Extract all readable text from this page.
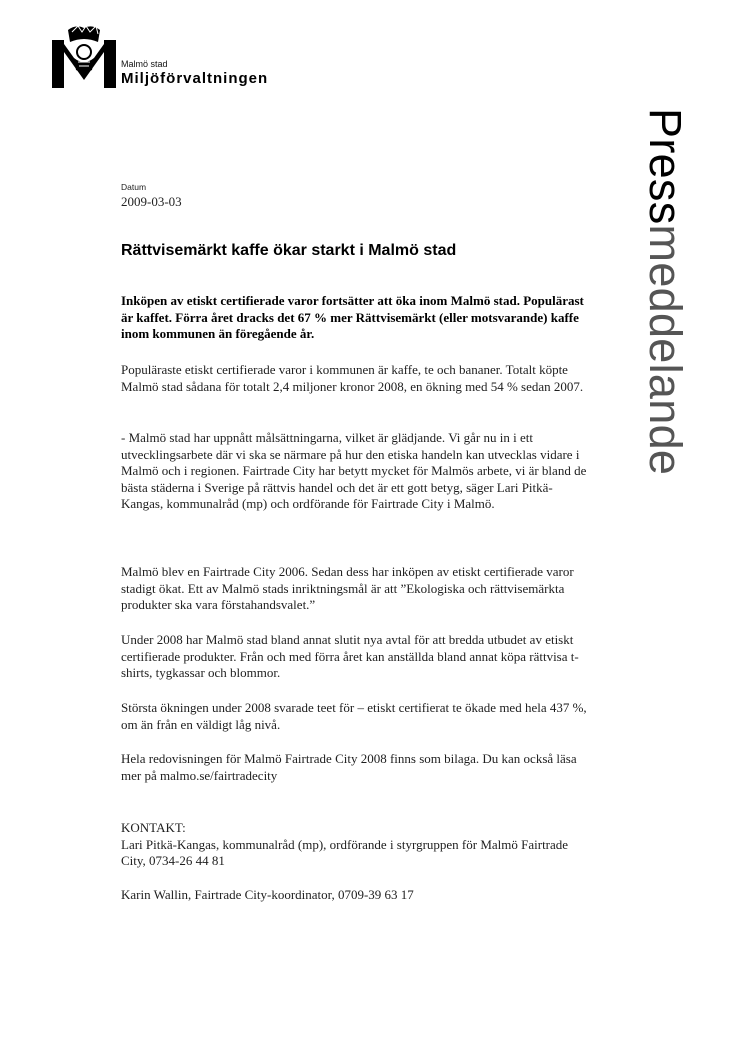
Malmö stad
Miljöförvaltningen
Pressmeddelande
Datum
2009-03-03
Rättvisemärkt kaffe ökar starkt i Malmö stad

Inköpen av etiskt certifierade varor fortsätter att öka inom Malmö stad. Populärast är kaffet. Förra året dracks det 67 % mer Rättvisemärkt (eller motsvarande) kaffe inom kommunen än föregående år.

Populäraste etiskt certifierade varor i kommunen är kaffe, te och bananer. Totalt köpte Malmö stad sådana för totalt 2,4 miljoner kronor 2008, en ökning med 54 % sedan 2007.

- Malmö stad har uppnått målsättningarna, vilket är glädjande. Vi går nu in i ett utvecklingsarbete där vi ska se närmare på hur den etiska handeln kan utvecklas vidare i Malmö och i regionen. Fairtrade City har betytt mycket för Malmös arbete, vi är bland de bästa städerna i Sverige på rättvis handel och det är ett gott betyg, säger Lari Pitkä-Kangas, kommunalråd (mp) och ordförande för Fairtrade City i Malmö.

Malmö blev en Fairtrade City 2006. Sedan dess har inköpen av etiskt certifierade varor stadigt ökat. Ett av Malmö stads inriktningsmål är att ”Ekologiska och rättvisemärkta produkter ska vara förstahandsvalet.”

Under 2008 har Malmö stad bland annat slutit nya avtal för att bredda utbudet av etiskt certifierade produkter. Från och med förra året kan anställda bland annat köpa rättvisa t-shirts, tygkassar och blommor.

Största ökningen under 2008 svarade teet för – etiskt certifierat te ökade med hela 437 %, om än från en väldigt låg nivå.

Hela redovisningen för Malmö Fairtrade City 2008 finns som bilaga. Du kan också läsa mer på malmo.se/fairtradecity

KONTAKT:
Lari Pitkä-Kangas, kommunalråd (mp), ordförande i styrgruppen för Malmö Fairtrade City, 0734-26 44 81

Karin Wallin, Fairtrade City-koordinator, 0709-39 63 17
